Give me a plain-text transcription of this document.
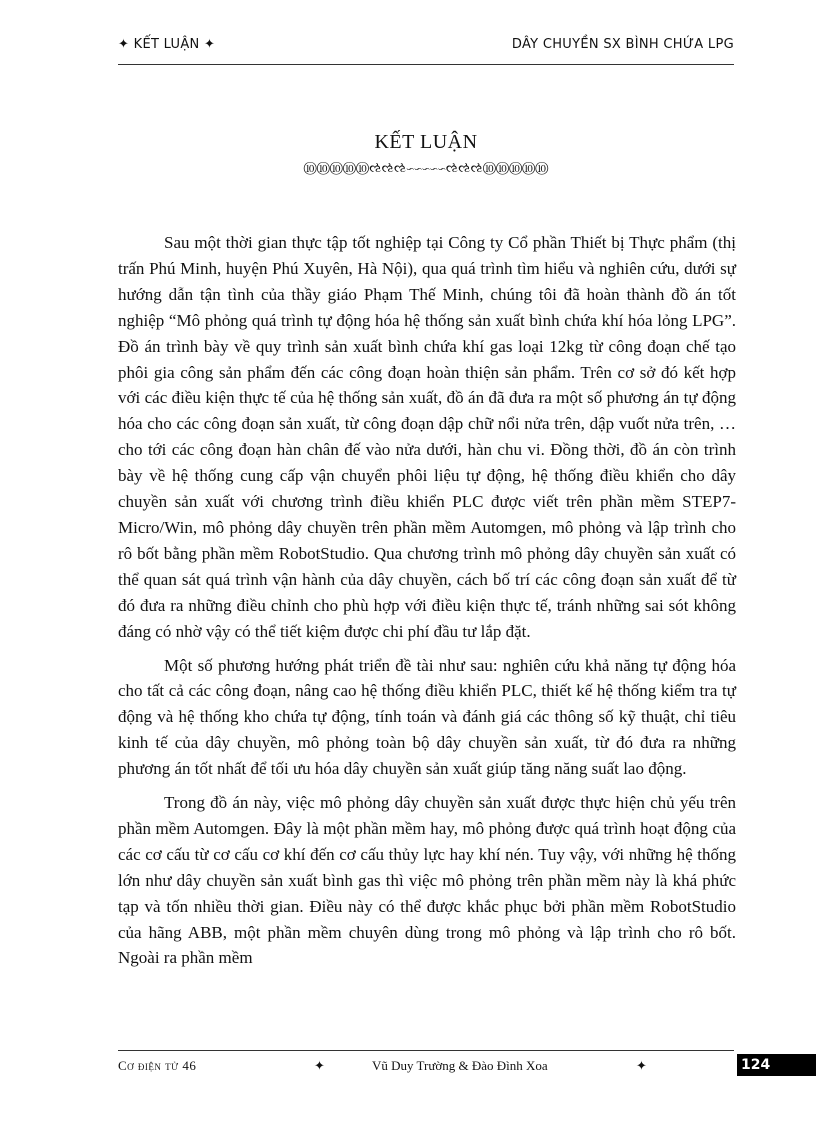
✦ KẾT LUẬN ✦	DÂY CHUYỀN SX BÌNH CHỨA LPG
KẾT LUẬN
⑩⑩⑩⑩⑩ઌઌઌ∽∽∽∽∽ઌઌઌ⑩⑩⑩⑩⑩

Sau một thời gian thực tập tốt nghiệp tại Công ty Cổ phần Thiết bị Thực phẩm (thị trấn Phú Minh, huyện Phú Xuyên, Hà Nội), qua quá trình tìm hiểu và nghiên cứu, dưới sự hướng dẫn tận tình của thầy giáo Phạm Thế Minh, chúng tôi đã hoàn thành đồ án tốt nghiệp “Mô phỏng quá trình tự động hóa hệ thống sản xuất bình chứa khí hóa lỏng LPG”. Đồ án trình bày về quy trình sản xuất bình chứa khí gas loại 12kg từ công đoạn chế tạo phôi gia công sản phẩm đến các công đoạn hoàn thiện sản phẩm. Trên cơ sở đó kết hợp với các điều kiện thực tế của hệ thống sản xuất, đồ án đã đưa ra một số phương án tự động hóa cho các công đoạn sản xuất, từ công đoạn dập chữ nổi nửa trên, dập vuốt nửa trên, … cho tới các công đoạn hàn chân đế vào nửa dưới, hàn chu vi. Đồng thời, đồ án còn trình bày về hệ thống cung cấp vận chuyển phôi liệu tự động, hệ thống điều khiển cho dây chuyền sản xuất với chương trình điều khiển PLC được viết trên phần mềm STEP7-Micro/Win, mô phỏng dây chuyền trên phần mềm Automgen, mô phỏng và lập trình cho rô bốt bằng phần mềm RobotStudio. Qua chương trình mô phỏng dây chuyền sản xuất có thể quan sát quá trình vận hành của dây chuyền, cách bố trí các công đoạn sản xuất để từ đó đưa ra những điều chỉnh cho phù hợp với điều kiện thực tế, tránh những sai sót không đáng có nhờ vậy có thể tiết kiệm được chi phí đầu tư lắp đặt.

Một số phương hướng phát triển đề tài như sau: nghiên cứu khả năng tự động hóa cho tất cả các công đoạn, nâng cao hệ thống điều khiển PLC, thiết kế hệ thống kiểm tra tự động và hệ thống kho chứa tự động, tính toán và đánh giá các thông số kỹ thuật, chỉ tiêu kinh tế của dây chuyền, mô phỏng toàn bộ dây chuyền sản xuất, từ đó đưa ra những phương án tốt nhất để tối ưu hóa dây chuyền sản xuất giúp tăng năng suất lao động.

Trong đồ án này, việc mô phỏng dây chuyền sản xuất được thực hiện chủ yếu trên phần mềm Automgen. Đây là một phần mềm hay, mô phỏng được quá trình hoạt động của các cơ cấu từ cơ cấu cơ khí đến cơ cấu thủy lực hay khí nén. Tuy vậy, với những hệ thống lớn như dây chuyền sản xuất bình gas thì việc mô phỏng trên phần mềm này là khá phức tạp và tốn nhiều thời gian. Điều này có thể được khắc phục bởi phần mềm RobotStudio của hãng ABB, một phần mềm chuyên dùng trong mô phỏng và lập trình cho rô bốt. Ngoài ra phần mềm

Cơ điện tử 46	✦	Vũ Duy Trường & Đào Đình Xoa	✦	124
